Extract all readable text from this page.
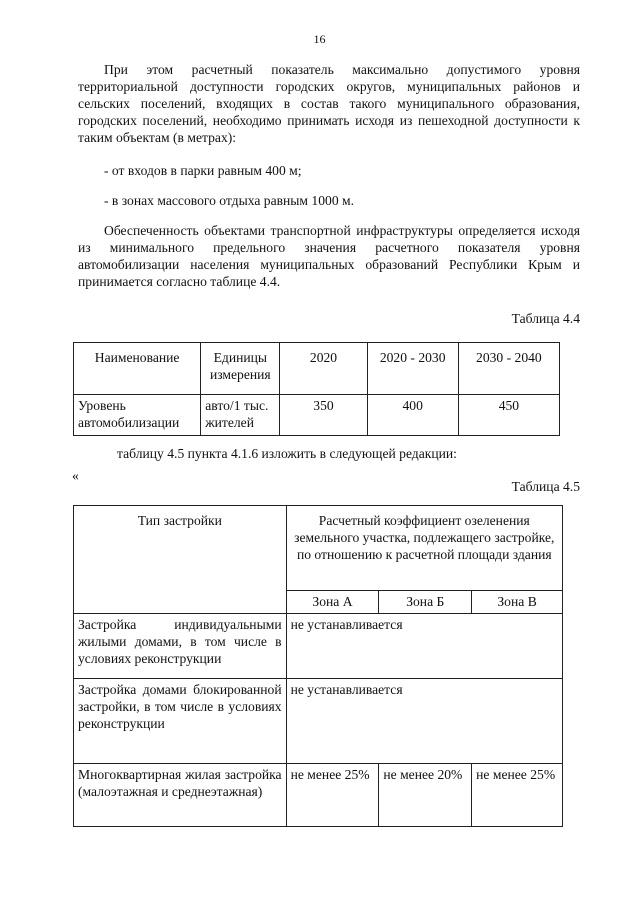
16

При этом расчетный показатель максимально допустимого уровня территориальной доступности городских округов, муниципальных районов и сельских поселений, входящих в состав такого муниципального образования, городских поселений, необходимо принимать исходя из пешеходной доступности к таким объектам (в метрах):

- от входов в парки равным 400 м;

- в зонах массового отдыха равным 1000 м.

Обеспеченность объектами транспортной инфраструктуры определяется исходя из минимального предельного значения расчетного показателя уровня автомобилизации населения муниципальных образований Республики Крым и принимается согласно таблице 4.4.

Таблица 4.4

Наименование	Единицы измерения	2020	2020 - 2030	2030 - 2040
Уровень автомобилизации	авто/1 тыс. жителей	350	400	450

таблицу 4.5 пункта 4.1.6 изложить в следующей редакции:

«

Таблица 4.5

Тип застройки	Расчетный коэффициент озеленения земельного участка, подлежащего застройке, по отношению к расчетной площади здания		
	Зона А	Зона Б	Зона В
Застройка индивидуальными жилыми домами, в том числе в условиях реконструкции	не устанавливается		
Застройка домами блокированной застройки, в том числе в условиях реконструкции	не устанавливается		
Многоквартирная жилая застройка (малоэтажная и среднеэтажная)	не менее 25%	не менее 20%	не менее 25%
